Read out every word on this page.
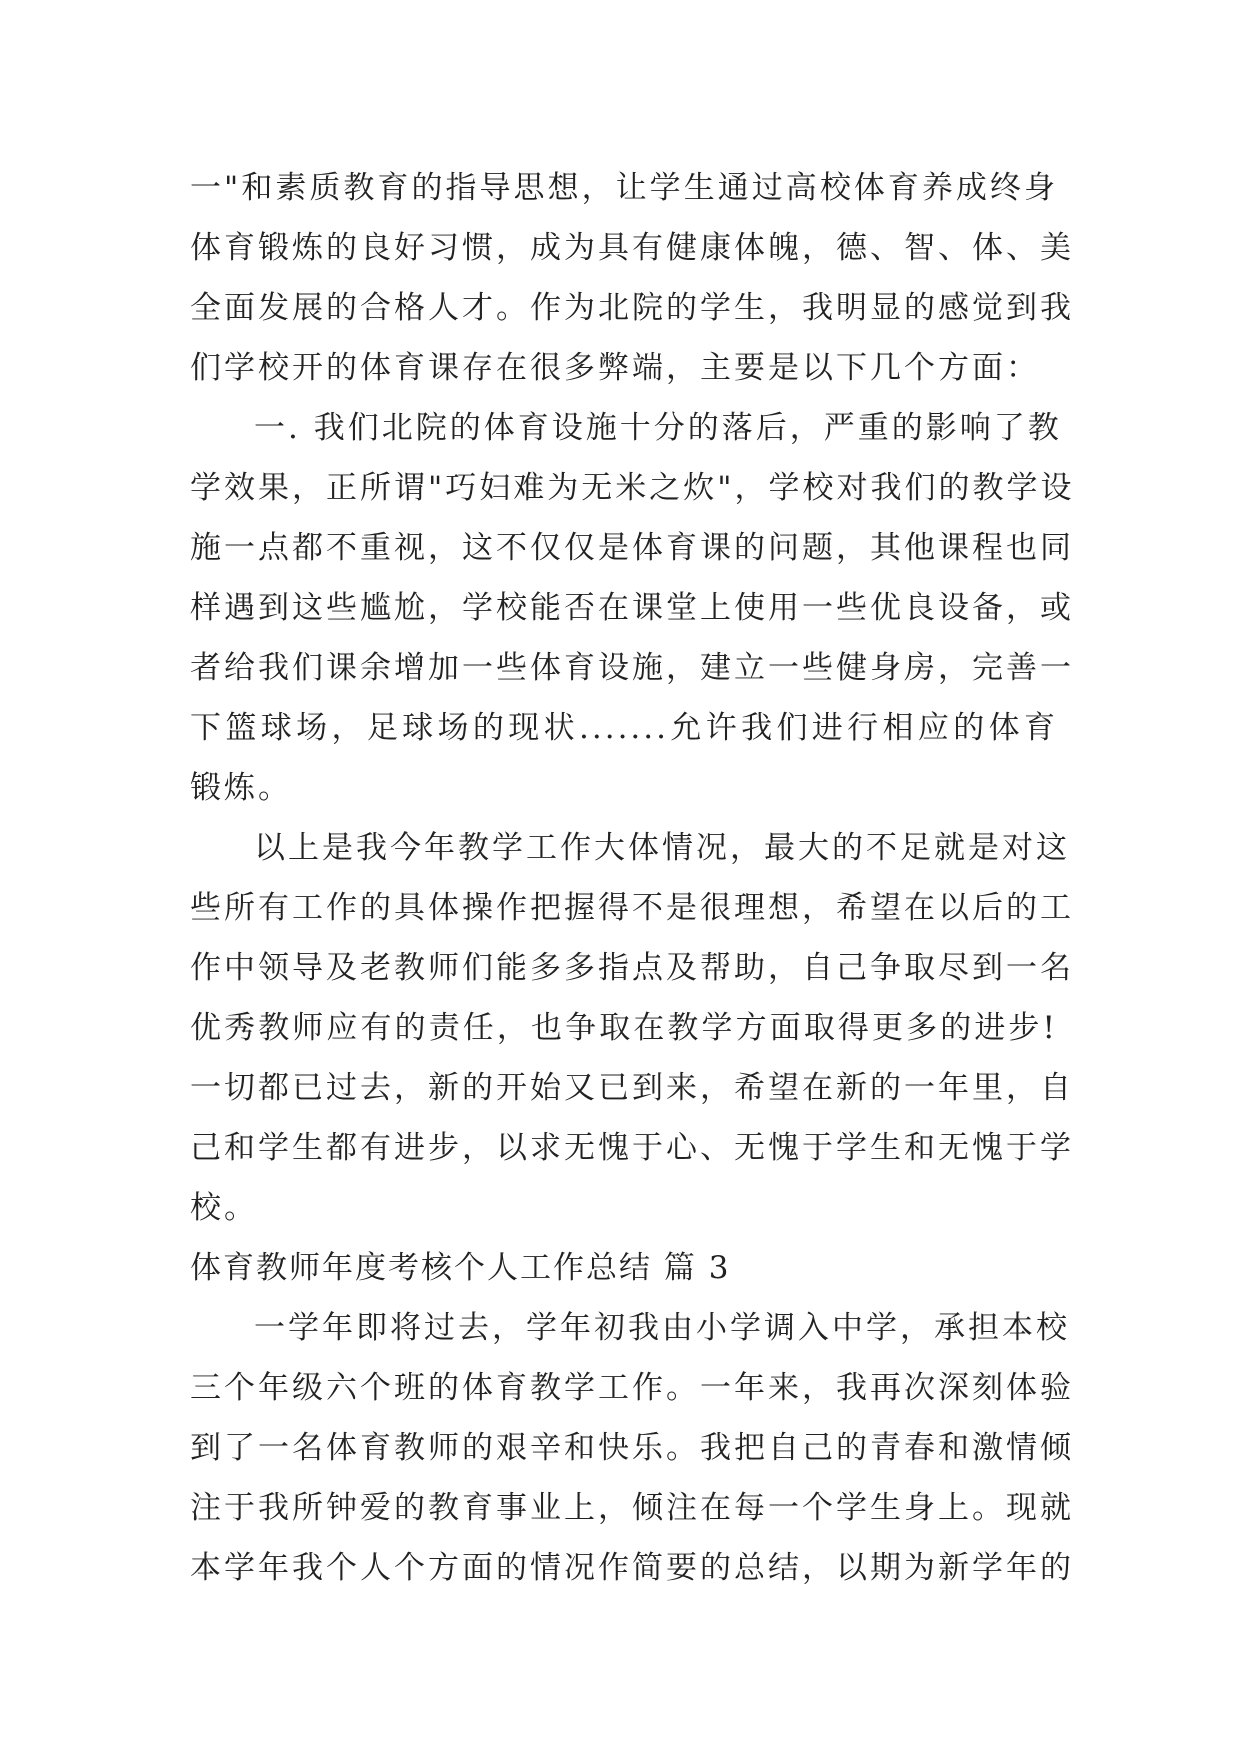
一"和素质教育的指导思想，让学生通过高校体育养成终身
体育锻炼的良好习惯，成为具有健康体魄，德、智、体、美
全面发展的合格人才。作为北院的学生，我明显的感觉到我
们学校开的体育课存在很多弊端，主要是以下几个方面：
一. 我们北院的体育设施十分的落后，严重的影响了教
学效果，正所谓"巧妇难为无米之炊"，学校对我们的教学设
施一点都不重视，这不仅仅是体育课的问题，其他课程也同
样遇到这些尴尬，学校能否在课堂上使用一些优良设备，或
者给我们课余增加一些体育设施，建立一些健身房，完善一
下篮球场，足球场的现状.......允许我们进行相应的体育
锻炼。
以上是我今年教学工作大体情况，最大的不足就是对这
些所有工作的具体操作把握得不是很理想，希望在以后的工
作中领导及老教师们能多多指点及帮助，自己争取尽到一名
优秀教师应有的责任，也争取在教学方面取得更多的进步!
一切都已过去，新的开始又已到来，希望在新的一年里，自
己和学生都有进步，以求无愧于心、无愧于学生和无愧于学
校。
体育教师年度考核个人工作总结 篇 3
一学年即将过去，学年初我由小学调入中学，承担本校
三个年级六个班的体育教学工作。一年来，我再次深刻体验
到了一名体育教师的艰辛和快乐。我把自己的青春和激情倾
注于我所钟爱的教育事业上，倾注在每一个学生身上。现就
本学年我个人个方面的情况作简要的总结，以期为新学年的
